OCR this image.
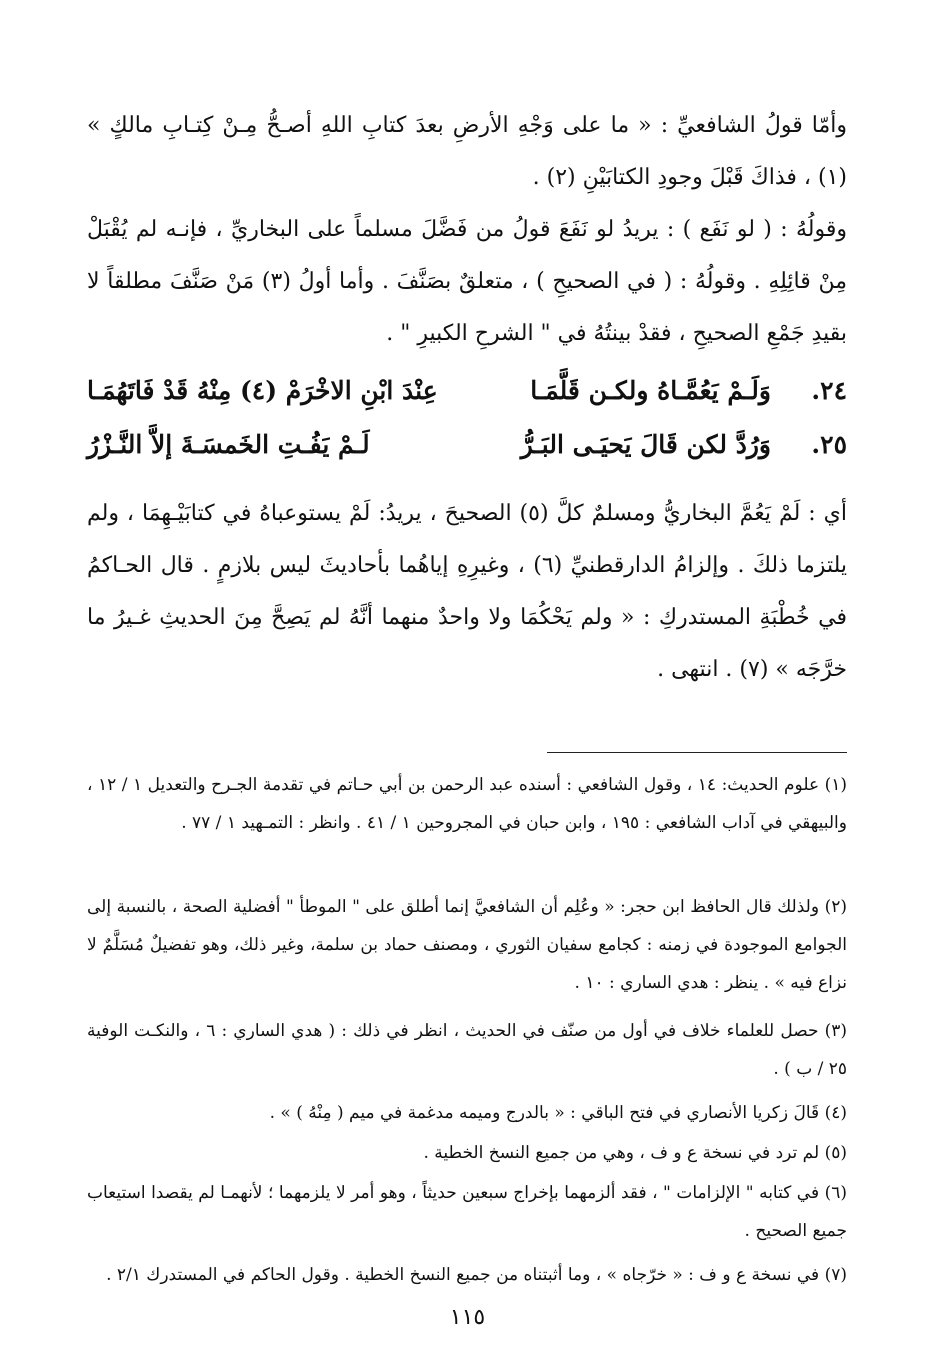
وأمّا قولُ الشافعيِّ : « ما على وَجْهِ الأرضِ بعدَ كتابِ اللهِ أصـحُّ مِـنْ كِتـابِ مالكٍ » (١) ، فذاكَ قَبْلَ وجودِ الكتابَيْنِ (٢) .

وقولُهُ : ( لو نَفَع ) : يريدُ لو نَفَعَ قولُ من فَضَّلَ مسلماً على البخاريِّ ، فإنـه لم يُقْبَلْ مِنْ قائِلِهِ . وقولُهُ : ( في الصحيحِ ) ، متعلقٌ بصَنَّفَ . وأما أولُ (٣) مَنْ صَنَّفَ مطلقاً لا بقيدِ جَمْعِ الصحيحِ ، فقدْ بينتُهُ في " الشرحِ الكبيرِ " .

٢٤.
وَلَـمْ يَعُمَّـاهُ ولكـن قَلَّمَـا
عِنْدَ ابْنِ الاخْرَمْ (٤) مِنْهُ قَدْ فَاتَهُمَـا
٢٥.
وَرُدَّ لكن قَالَ يَحيَـى البَـرُّ
لَـمْ يَفُـتِ الخَمسَـةَ إلاَّ النَّـزْرُ

أي : لَمْ يَعُمَّ البخاريُّ ومسلمٌ كلَّ (٥) الصحيحَ ، يريدُ: لَمْ يستوعباهُ في كتابَيْـهِمَا ، ولم يلتزما ذلكَ . وإلزامُ الدارقطنيِّ (٦) ، وغيرِهِ إياهُما بأحاديثَ ليس بلازمٍ . قال الحـاكمُ في خُطْبَةِ المستدركِ : « ولم يَحْكُمَا ولا واحدٌ منهما أنَّهُ لم يَصِحَّ مِنَ الحديثِ غـيرُ ما خرَّجَه » (٧) . انتهى .

(١) علوم الحديث: ١٤ ، وقول الشافعي : أسنده عبد الرحمن بن أبي حـاتم في تقدمة الجـرح والتعديل ١ / ١٢ ، والبيهقي في آداب الشافعي : ١٩٥ ، وابن حبان في المجروحين ١ / ٤١ . وانظر : التمـهيد ١ / ٧٧ .

(٢) ولذلك قال الحافظ ابن حجر: « وعُلِم أن الشافعيَّ إنما أطلق على " الموطأ " أفضلية الصحة ، بالنسبة إلى الجوامع الموجودة في زمنه : كجامع سفيان الثوري ، ومصنف حماد بن سلمة، وغير ذلك، وهو تفضيلٌ مُسَلَّمٌ لا نزاع فيه » . ينظر : هدي الساري : ١٠ .

(٣) حصل للعلماء خلاف في أول من صنّف في الحديث ، انظر في ذلك : ( هدي الساري : ٦ ، والنكـت الوفية ٢٥ / ب ) .

(٤) قَالَ زكريا الأنصاري في فتح الباقي : « بالدرج وميمه مدغمة في ميم ( مِنْهُ ) » .

(٥) لم ترد في نسخة ع و ف ، وهي من جميع النسخ الخطية .

(٦) في كتابه " الإلزامات " ، فقد ألزمهما بإخراج سبعين حديثاً ، وهو أمر لا يلزمهما ؛ لأنهمـا لم يقصدا استيعاب جميع الصحيح .

(٧) في نسخة ع و ف : « خرّجاه » ، وما أثبتناه من جميع النسخ الخطية . وقول الحاكم في المستدرك ٢/١ .

١١٥
